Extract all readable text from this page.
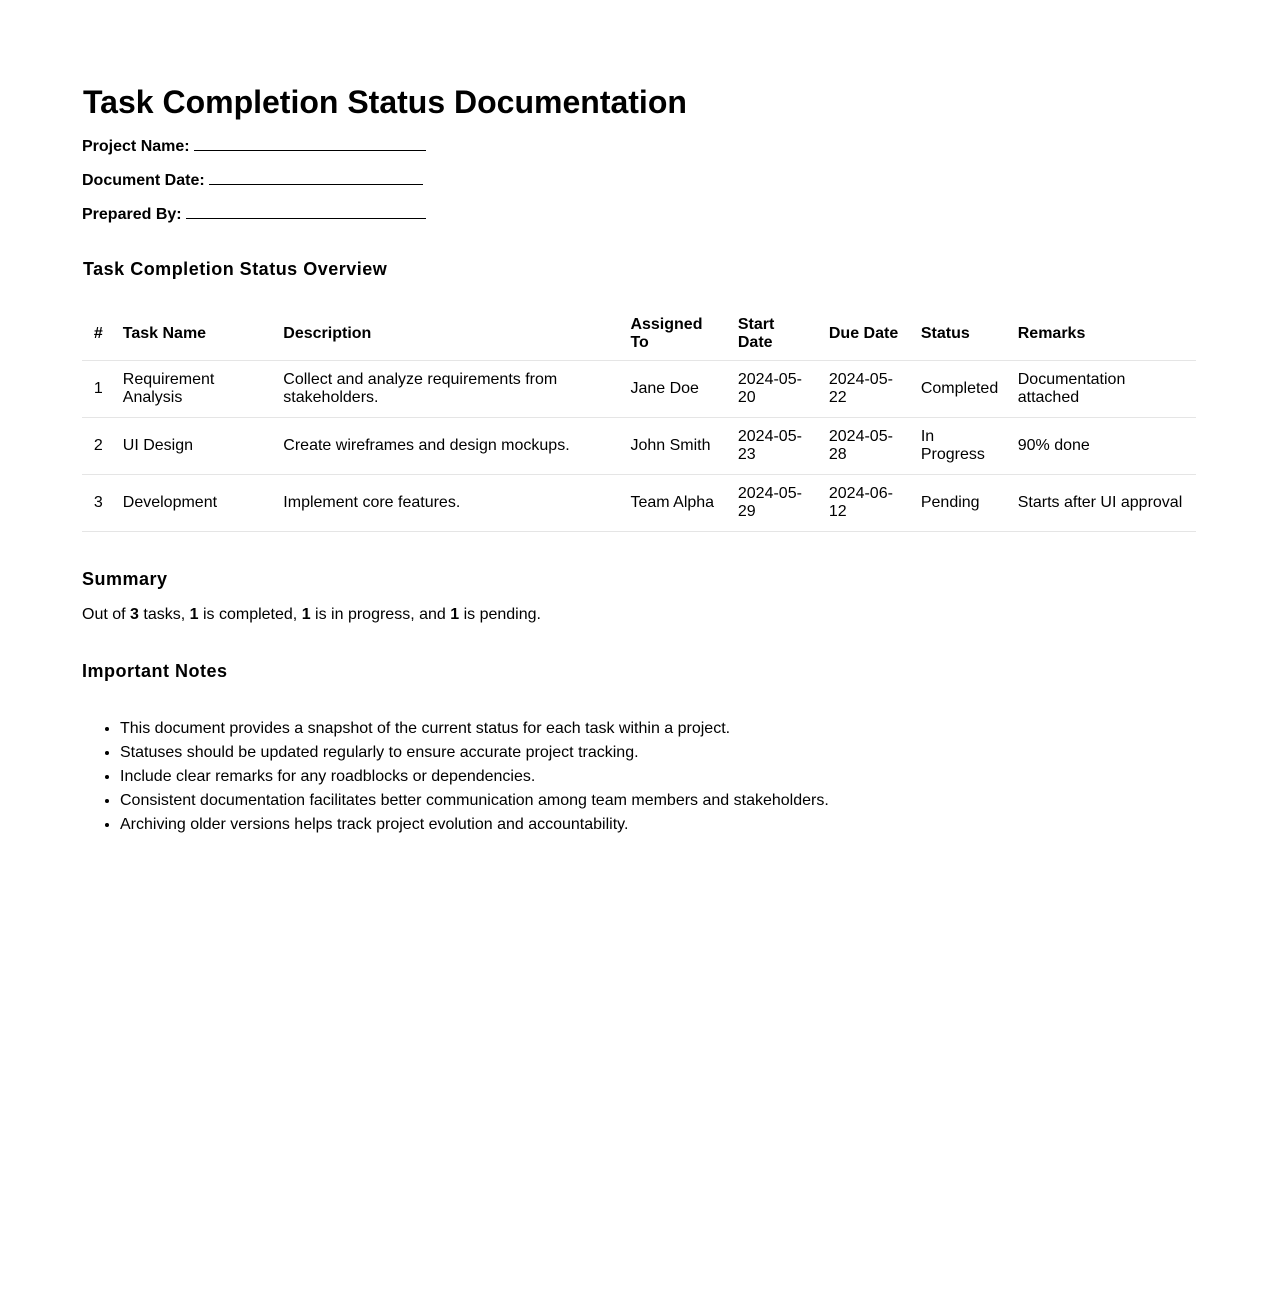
Task Completion Status Documentation
Project Name:
Document Date:
Prepared By:
Task Completion Status Overview
#	Task Name	Description	Assigned To	Start Date	Due Date	Status	Remarks
1	Requirement Analysis	Collect and analyze requirements from stakeholders.	Jane Doe	2024-05-20	2024-05-22	Completed	Documentation attached
2	UI Design	Create wireframes and design mockups.	John Smith	2024-05-23	2024-05-28	In Progress	90% done
3	Development	Implement core features.	Team Alpha	2024-05-29	2024-06-12	Pending	Starts after UI approval
Summary

Out of 3 tasks, 1 is completed, 1 is in progress, and 1 is pending.

Important Notes
• This document provides a snapshot of the current status for each task within a project.
• Statuses should be updated regularly to ensure accurate project tracking.
• Include clear remarks for any roadblocks or dependencies.
• Consistent documentation facilitates better communication among team members and stakeholders.
• Archiving older versions helps track project evolution and accountability.
